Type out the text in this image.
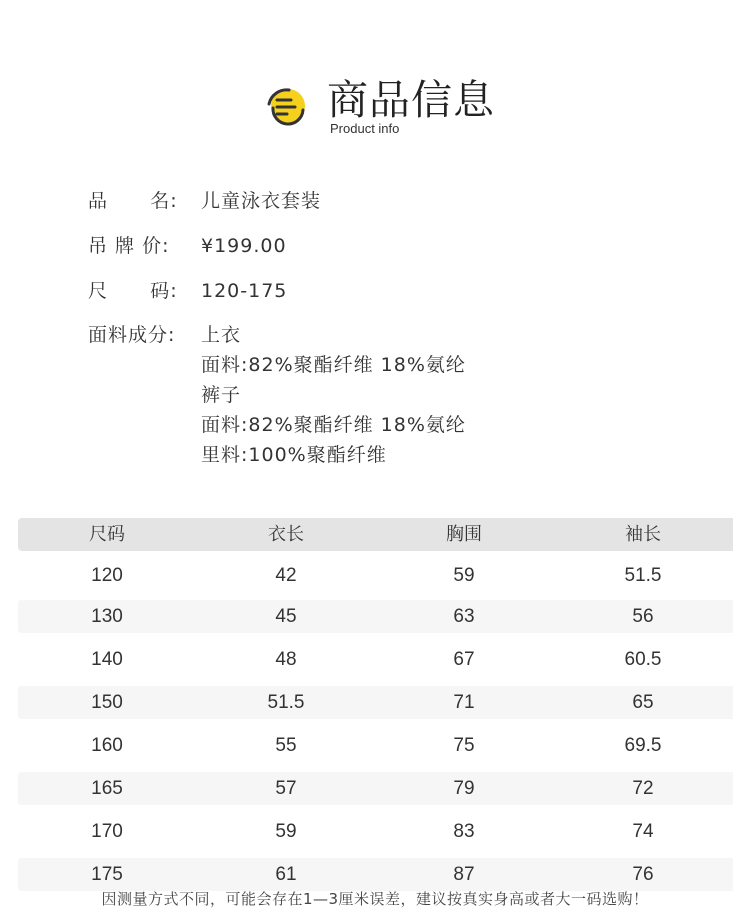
商品信息
Product info
品      名:	儿童泳衣套装
吊 牌 价:	¥199.00
尺      码:	120-175
面料成分:	上衣
面料:82%聚酯纤维 18%氨纶
裤子
面料:82%聚酯纤维 18%氨纶
里料:100%聚酯纤维
尺码	衣长	胸围	袖长
120	42	59	51.5
130	45	63	56
140	48	67	60.5
150	51.5	71	65
160	55	75	69.5
165	57	79	72
170	59	83	74
175	61	87	76
因测量方式不同，可能会存在1—3厘米误差，建议按真实身高或者大一码选购！
